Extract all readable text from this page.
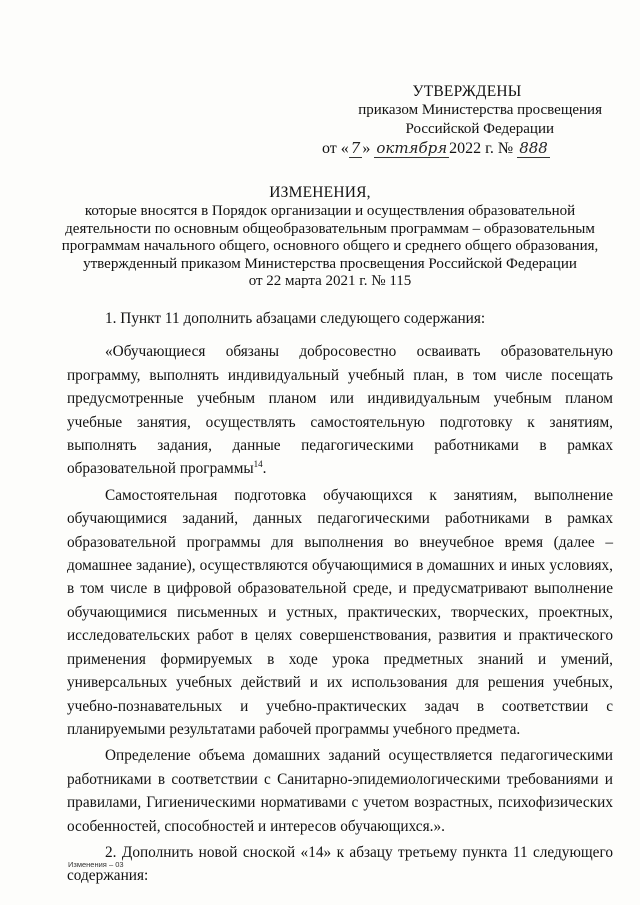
УТВЕРЖДЕНЫ
приказом Министерства просвещения
Российской Федерации
от « 7 » октября 2022 г. № 888
ИЗМЕНЕНИЯ,
которые вносятся в Порядок организации и осуществления образовательной
деятельности по основным общеобразовательным программам – образовательным
программам начального общего, основного общего и среднего общего образования,
утвержденный приказом Министерства просвещения Российской Федерации
от 22 марта 2021 г. № 115

1. Пункт 11 дополнить абзацами следующего содержания:

«Обучающиеся обязаны добросовестно осваивать образовательную программу, выполнять индивидуальный учебный план, в том числе посещать предусмотренные учебным планом или индивидуальным учебным планом учебные занятия, осуществлять самостоятельную подготовку к занятиям, выполнять задания, данные педагогическими работниками в рамках образовательной программы$^{14}$.

Самостоятельная подготовка обучающихся к занятиям, выполнение обучающимися заданий, данных педагогическими работниками в рамках образовательной программы для выполнения во внеучебное время (далее – домашнее задание), осуществляются обучающимися в домашних и иных условиях, в том числе в цифровой образовательной среде, и предусматривают выполнение обучающимися письменных и устных, практических, творческих, проектных, исследовательских работ в целях совершенствования, развития и практического применения формируемых в ходе урока предметных знаний и умений, универсальных учебных действий и их использования для решения учебных, учебно-познавательных и учебно-практических задач в соответствии с планируемыми результатами рабочей программы учебного предмета.

Определение объема домашних заданий осуществляется педагогическими работниками в соответствии с Санитарно-эпидемиологическими требованиями и правилами, Гигиеническими нормативами с учетом возрастных, психофизических особенностей, способностей и интересов обучающихся.».

2. Дополнить новой сноской «14» к абзацу третьему пункта 11 следующего содержания:

Изменения – 03
